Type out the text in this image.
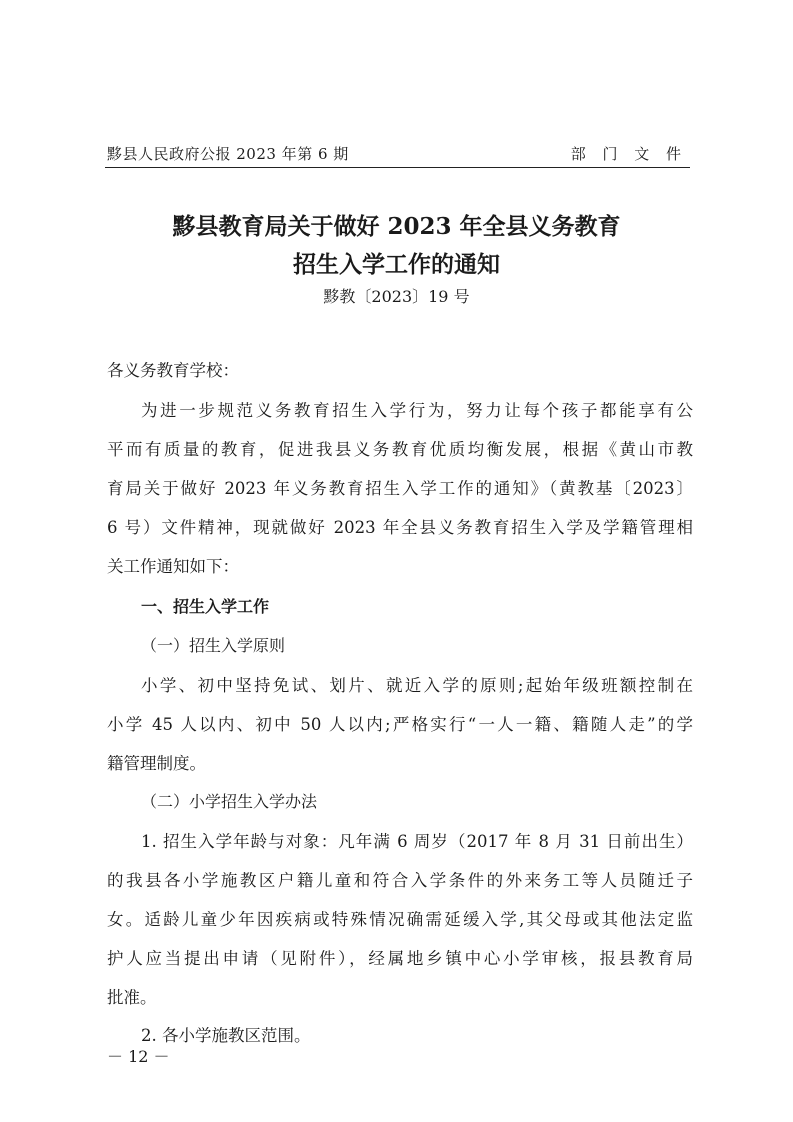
黟县人民政府公报 2023 年第 6 期	部 门 文 件
黟县教育局关于做好 2023 年全县义务教育
招生入学工作的通知
黟教〔2023〕19 号
各义务教育学校：
为进一步规范义务教育招生入学行为，努力让每个孩子都能享有公
平而有质量的教育，促进我县义务教育优质均衡发展，根据《黄山市教
育局关于做好 2023 年义务教育招生入学工作的通知》（黄教基〔2023〕
6 号）文件精神，现就做好 2023 年全县义务教育招生入学及学籍管理相
关工作通知如下：
一、招生入学工作
（一）招生入学原则
小学、初中坚持免试、划片、就近入学的原则;起始年级班额控制在
小学 45 人以内、初中 50 人以内;严格实行“一人一籍、籍随人走”的学
籍管理制度。
（二）小学招生入学办法
1. 招生入学年龄与对象：凡年满 6 周岁（2017 年 8 月 31 日前出生）
的我县各小学施教区户籍儿童和符合入学条件的外来务工等人员随迁子
女。适龄儿童少年因疾病或特殊情况确需延缓入学,其父母或其他法定监
护人应当提出申请（见附件），经属地乡镇中心小学审核，报县教育局
批准。
2. 各小学施教区范围。
－ 12 －
